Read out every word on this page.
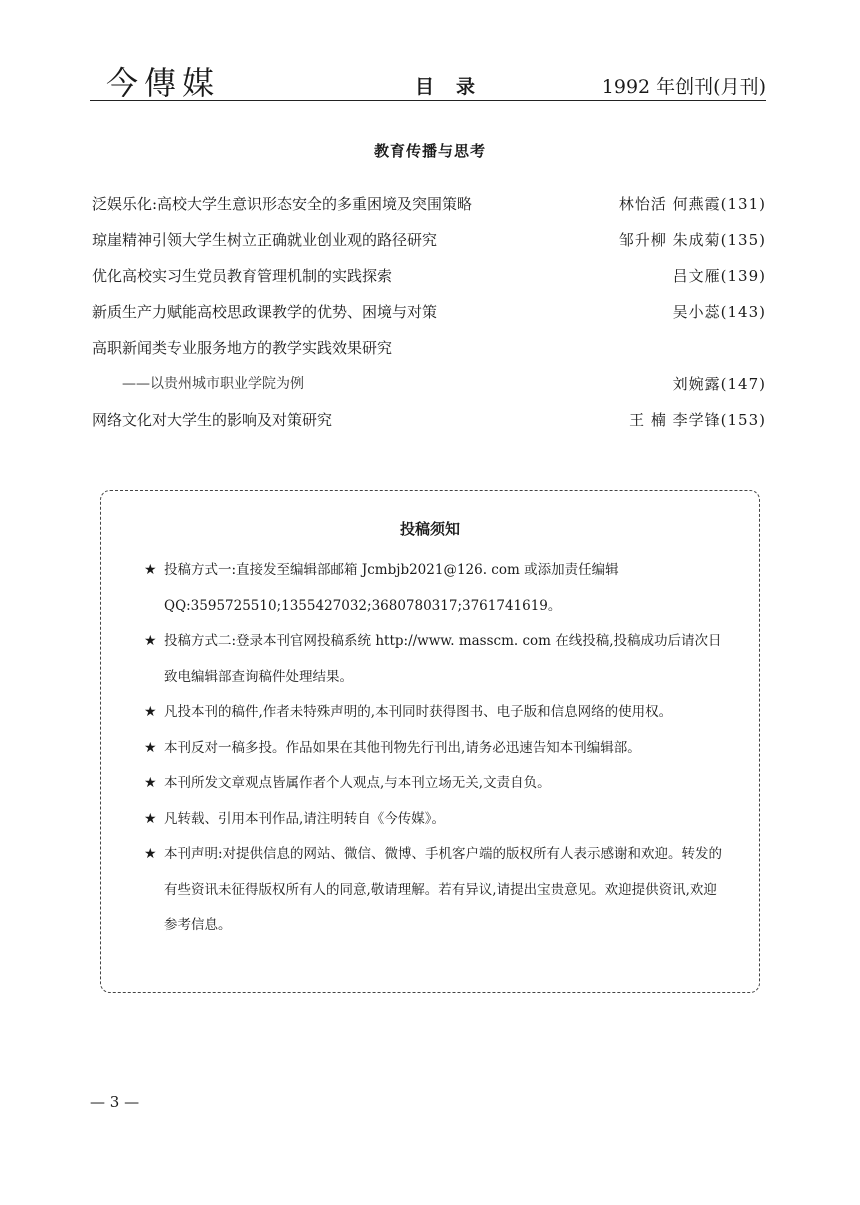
今傳媒	目录	1992 年创刊(月刊)
教育传播与思考
泛娱乐化:高校大学生意识形态安全的多重困境及突围策略	林怡活 何燕霞(131)
琼崖精神引领大学生树立正确就业创业观的路径研究	邹升柳 朱成菊(135)
优化高校实习生党员教育管理机制的实践探索	吕文雁(139)
新质生产力赋能高校思政课教学的优势、困境与对策	吴小蕊(143)
高职新闻类专业服务地方的教学实践效果研究
——以贵州城市职业学院为例	刘婉露(147)
网络文化对大学生的影响及对策研究	王 楠 李学锋(153)
投稿须知
★ 投稿方式一:直接发至编辑部邮箱 Jcmbjb2021@126. com 或添加责任编辑 QQ:3595725510;1355427032;3680780317;3761741619。
★ 投稿方式二:登录本刊官网投稿系统 http://www. masscm. com 在线投稿,投稿成功后请次日致电编辑部查询稿件处理结果。
★ 凡投本刊的稿件,作者未特殊声明的,本刊同时获得图书、电子版和信息网络的使用权。
★ 本刊反对一稿多投。作品如果在其他刊物先行刊出,请务必迅速告知本刊编辑部。
★ 本刊所发文章观点皆属作者个人观点,与本刊立场无关,文责自负。
★ 凡转载、引用本刊作品,请注明转自《今传媒》。
★ 本刊声明:对提供信息的网站、微信、微博、手机客户端的版权所有人表示感谢和欢迎。转发的有些资讯未征得版权所有人的同意,敬请理解。若有异议,请提出宝贵意见。欢迎提供资讯,欢迎参考信息。
— 3 —
